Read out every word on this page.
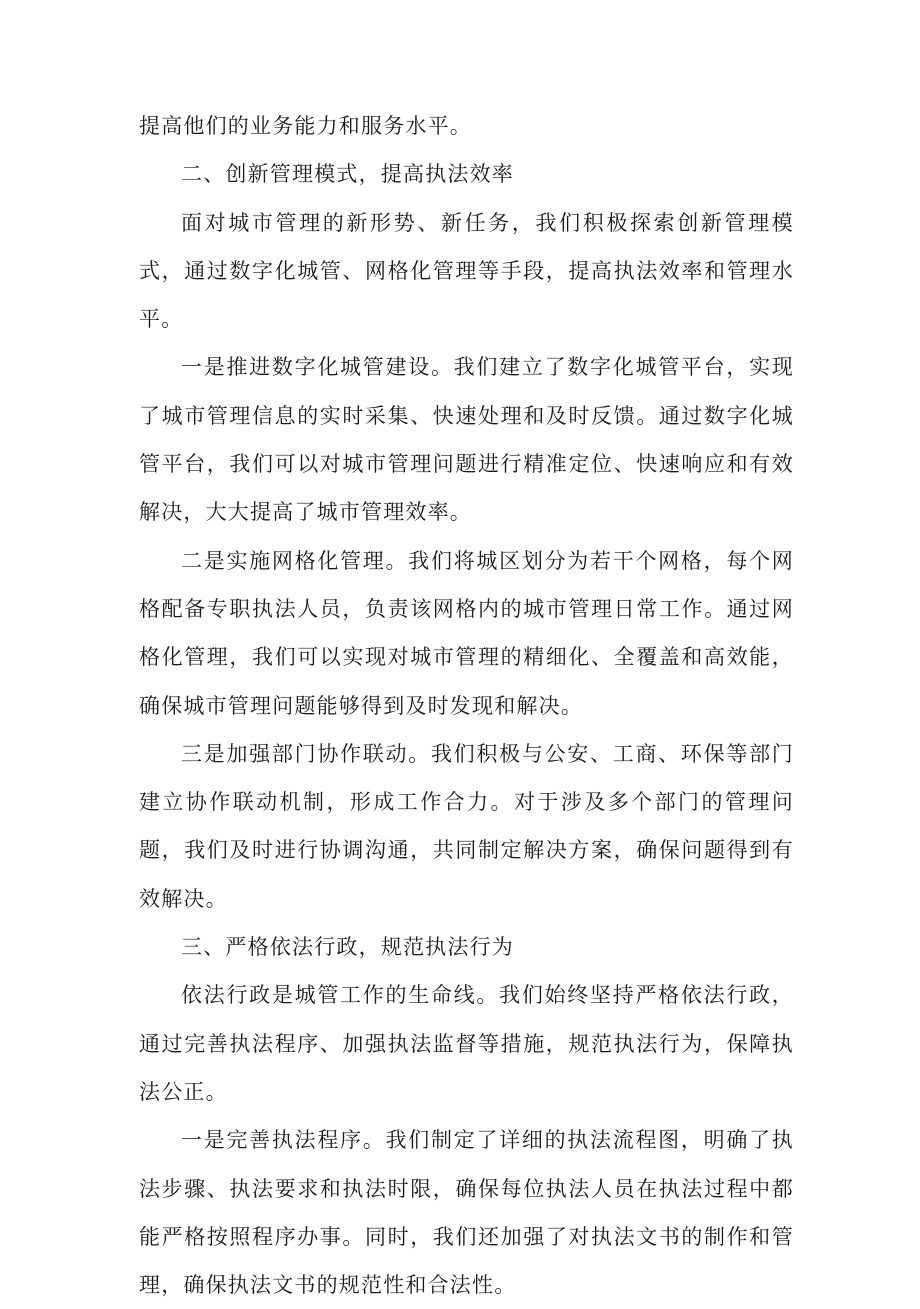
提高他们的业务能力和服务水平。

二、创新管理模式，提高执法效率

面对城市管理的新形势、新任务，我们积极探索创新管理模式，通过数字化城管、网格化管理等手段，提高执法效率和管理水平。

一是推进数字化城管建设。我们建立了数字化城管平台，实现了城市管理信息的实时采集、快速处理和及时反馈。通过数字化城管平台，我们可以对城市管理问题进行精准定位、快速响应和有效解决，大大提高了城市管理效率。

二是实施网格化管理。我们将城区划分为若干个网格，每个网格配备专职执法人员，负责该网格内的城市管理日常工作。通过网格化管理，我们可以实现对城市管理的精细化、全覆盖和高效能，确保城市管理问题能够得到及时发现和解决。

三是加强部门协作联动。我们积极与公安、工商、环保等部门建立协作联动机制，形成工作合力。对于涉及多个部门的管理问题，我们及时进行协调沟通，共同制定解决方案，确保问题得到有效解决。

三、严格依法行政，规范执法行为

依法行政是城管工作的生命线。我们始终坚持严格依法行政，通过完善执法程序、加强执法监督等措施，规范执法行为，保障执法公正。

一是完善执法程序。我们制定了详细的执法流程图，明确了执法步骤、执法要求和执法时限，确保每位执法人员在执法过程中都能严格按照程序办事。同时，我们还加强了对执法文书的制作和管理，确保执法文书的规范性和合法性。
